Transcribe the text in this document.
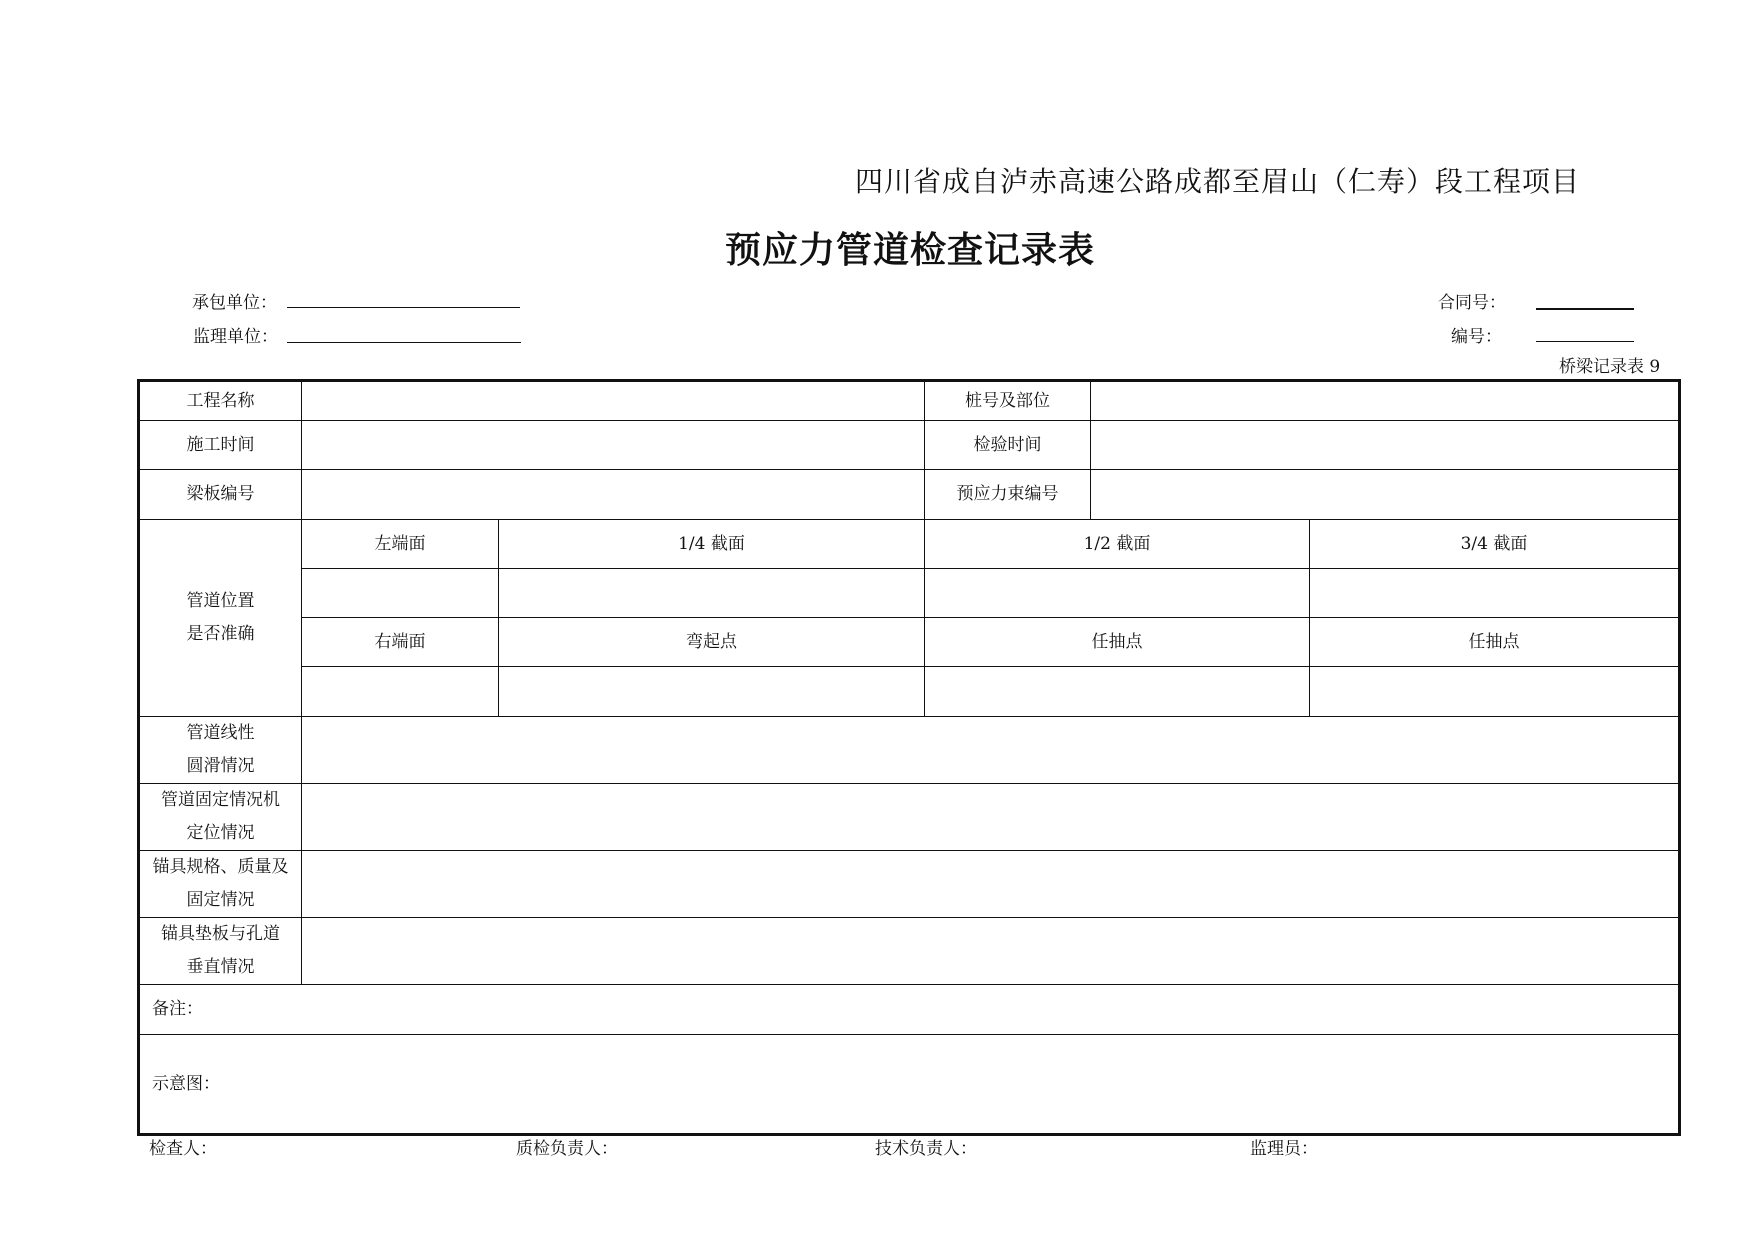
四川省成自泸赤高速公路成都至眉山（仁寿）段工程项目
预应力管道检查记录表
承包单位：
监理单位：
合同号：
编号：
桥梁记录表 9
工程名称			桩号及部位	

施工时间			检验时间	

梁板编号			预应力束编号	

管道位置
是否准确	左端面	1/4 截面	1/2 截面	3/4 截面

	右端面	弯起点	任抽点	任抽点

管道线性
圆滑情况				

管道固定情况机
定位情况				

锚具规格、质量及
固定情况				

锚具垫板与孔道
垂直情况				

备注：				
示意图：				
检查人：	质检负责人：	技术负责人：	监理员：
